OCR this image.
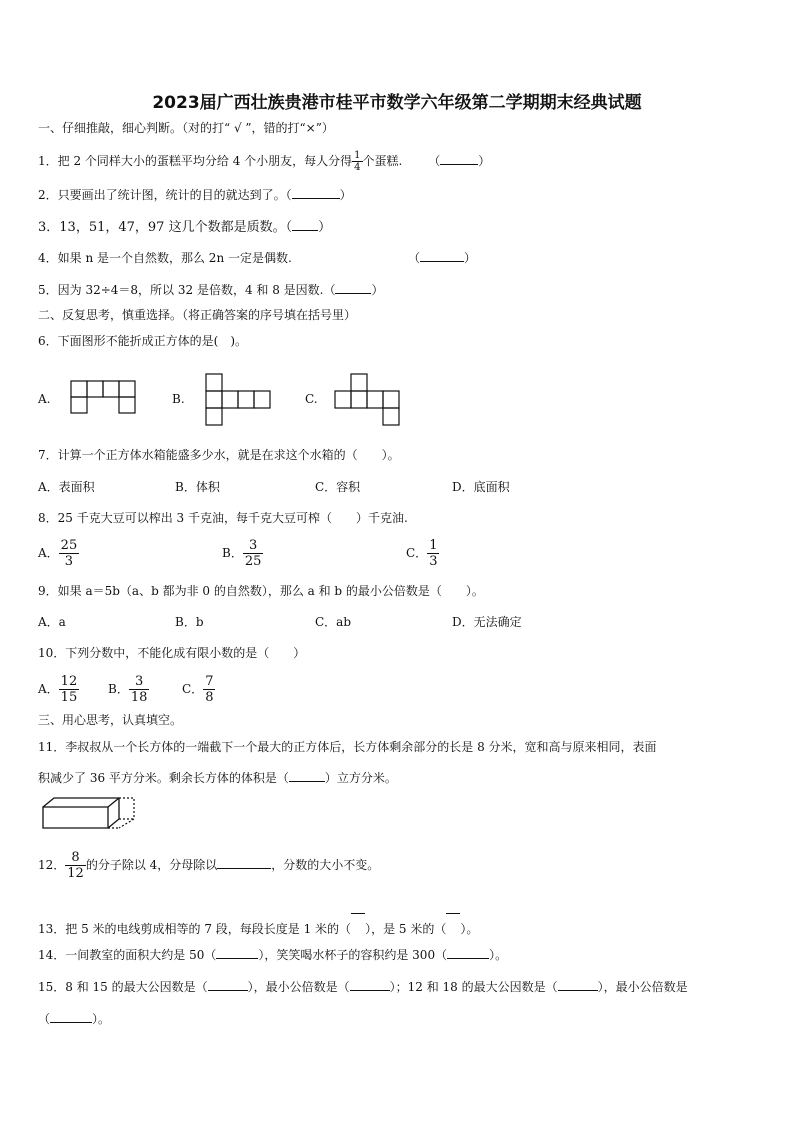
2023届广西壮族贵港市桂平市数学六年级第二学期期末经典试题
一、仔细推敲，细心判断。（对的打“ √ ”，错的打“×”）
1．把 2 个同样大小的蛋糕平均分给 4 个小朋友，每人分得 $\frac{1}{4}$ 个蛋糕. （	）
2．只要画出了统计图，统计的目的就达到了。（	）
3．13，51，47，97 这几个数都是质数。（ ）
4．如果 n 是一个自然数，那么 2n 一定是偶数.	（	）
5．因为 32÷4＝8，所以 32 是倍数，4 和 8 是因数.（	）
二、反复思考，慎重选择。（将正确答案的序号填在括号里）
6．下面图形不能折成正方体的是(　)。
A.	B.	C.
7．计算一个正方体水箱能盛多少水，就是在求这个水箱的（　　）。
A．表面积	B．体积	C．容积	D．底面积
8．25 千克大豆可以榨出 3 千克油，每千克大豆可榨（　　）千克油.
A． $\frac{25}{3}$	B． $\frac{3}{25}$	C． $\frac{1}{3}$
9．如果 a＝5b（a、b 都为非 0 的自然数），那么 a 和 b 的最小公倍数是（　　）。
A．a	B．b	C．ab	D．无法确定
10．下列分数中，不能化成有限小数的是（　　）
A． $\frac{12}{15}$ B． $\frac{3}{18}$	C． $\frac{7}{8}$
三、用心思考，认真填空。
11．李叔叔从一个长方体的一端截下一个最大的正方体后，长方体剩余部分的长是 8 分米，宽和高与原来相同，表面
积减少了 36 平方分米。剩余长方体的体积是（	）立方分米。
12． $\frac{8}{12}$ 的分子除以 4，分母除以	，分数的大小不变。
13．把 5 米的电线剪成相等的 7 段，每段长度是 1 米的（ ），是 5 米的（ ）。
14．一间教室的面积大约是 50（	），笑笑喝水杯子的容积约是 300（	）。
15．8 和 15 的最大公因数是（	），最小公倍数是（	）；12 和 18 的最大公因数是（	），最小公倍数是
（	）。
